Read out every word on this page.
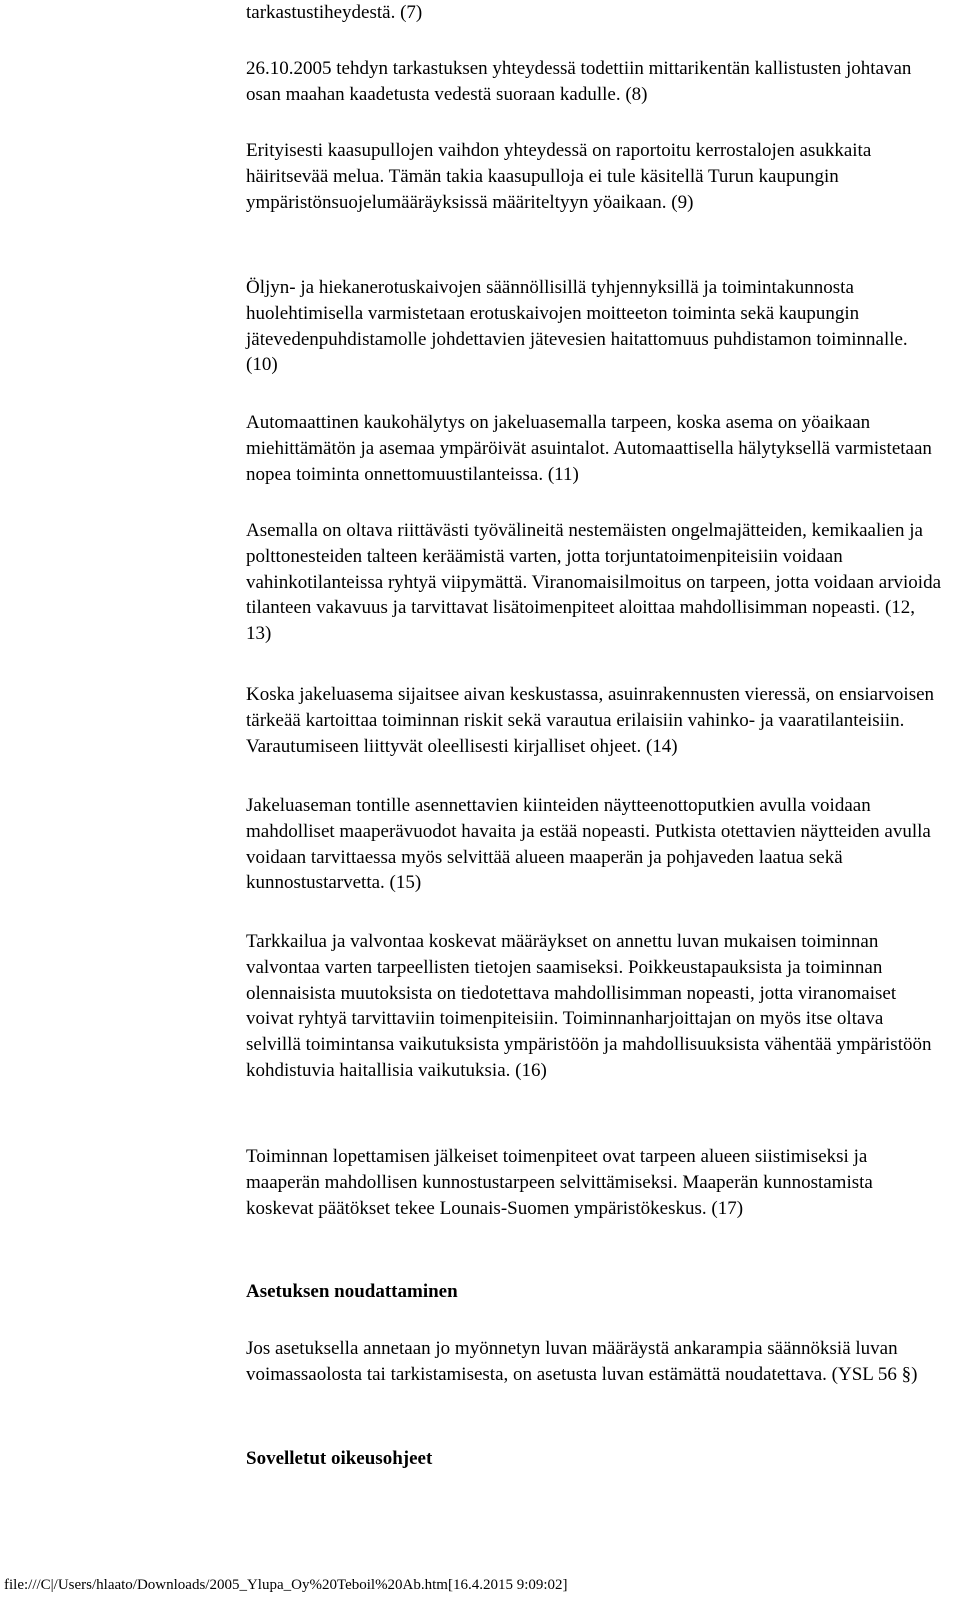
tarkastustiheydestä. (7)

26.10.2005 tehdyn tarkastuksen yhteydessä todettiin mittarikentän kallistusten johtavan osan maahan kaadetusta vedestä suoraan kadulle. (8)

Erityisesti kaasupullojen vaihdon yhteydessä on raportoitu kerrostalojen asukkaita häiritsevää melua. Tämän takia kaasupulloja ei tule käsitellä Turun kaupungin ympäristönsuojelumääräyksissä määriteltyyn yöaikaan. (9)

Öljyn- ja hiekanerotuskaivojen säännöllisillä tyhjennyksillä ja toimintakunnosta huolehtimisella varmistetaan erotuskaivojen moitteeton toiminta sekä kaupungin jätevedenpuhdistamolle johdettavien jätevesien haitattomuus puhdistamon toiminnalle. (10)

Automaattinen kaukohälytys on jakeluasemalla tarpeen, koska asema on yöaikaan miehittämätön ja asemaa ympäröivät asuintalot. Automaattisella hälytyksellä varmistetaan nopea toiminta onnettomuustilanteissa. (11)

Asemalla on oltava riittävästi työvälineitä nestemäisten ongelmajätteiden, kemikaalien ja polttonesteiden talteen keräämistä varten, jotta torjuntatoimenpiteisiin voidaan vahinkotilanteissa ryhtyä viipymättä. Viranomaisilmoitus on tarpeen, jotta voidaan arvioida tilanteen vakavuus ja tarvittavat lisätoimenpiteet aloittaa mahdollisimman nopeasti. (12, 13)

Koska jakeluasema sijaitsee aivan keskustassa, asuinrakennusten vieressä, on ensiarvoisen tärkeää kartoittaa toiminnan riskit sekä varautua erilaisiin vahinko- ja vaaratilanteisiin. Varautumiseen liittyvät oleellisesti kirjalliset ohjeet. (14)

Jakeluaseman tontille asennettavien kiinteiden näytteenottoputkien avulla voidaan mahdolliset maaperävuodot havaita ja estää nopeasti. Putkista otettavien näytteiden avulla voidaan tarvittaessa myös selvittää alueen maaperän ja pohjaveden laatua sekä kunnostustarvetta. (15)

Tarkkailua ja valvontaa koskevat määräykset on annettu luvan mukaisen toiminnan valvontaa varten tarpeellisten tietojen saamiseksi. Poikkeustapauksista ja toiminnan olennaisista muutoksista on tiedotettava mahdollisimman nopeasti, jotta viranomaiset voivat ryhtyä tarvittaviin toimenpiteisiin. Toiminnanharjoittajan on myös itse oltava selvillä toimintansa vaikutuksista ympäristöön ja mahdollisuuksista vähentää ympäristöön kohdistuvia haitallisia vaikutuksia. (16)

Toiminnan lopettamisen jälkeiset toimenpiteet ovat tarpeen alueen siistimiseksi ja maaperän mahdollisen kunnostustarpeen selvittämiseksi. Maaperän kunnostamista koskevat päätökset tekee Lounais-Suomen ympäristökeskus. (17)

Asetuksen noudattaminen

Jos asetuksella annetaan jo myönnetyn luvan määräystä ankarampia säännöksiä luvan voimassaolosta tai tarkistamisesta, on asetusta luvan estämättä noudatettava. (YSL 56 §)

Sovelletut oikeusohjeet
file:///C|/Users/hlaato/Downloads/2005_Ylupa_Oy%20Teboil%20Ab.htm[16.4.2015 9:09:02]
